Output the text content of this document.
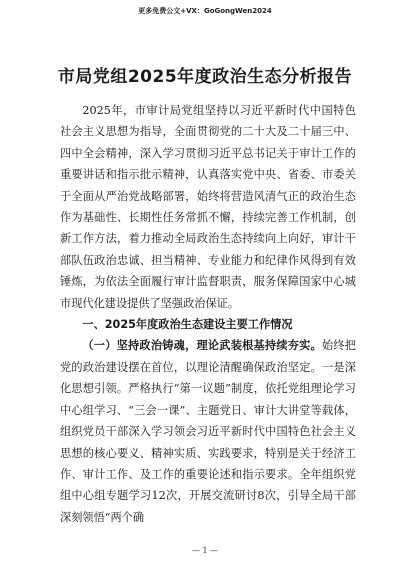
更多免费公文+VX：GoGongWen2024
市局党组2025年度政治生态分析报告

2025年，市审计局党组坚持以习近平新时代中国特色社会主义思想为指导，全面贯彻党的二十大及二十届三中、四中全会精神，深入学习贯彻习近平总书记关于审计工作的重要讲话和指示批示精神，认真落实党中央、省委、市委关于全面从严治党战略部署，始终将营造风清气正的政治生态作为基础性、长期性任务常抓不懈，持续完善工作机制，创新工作方法，着力推动全局政治生态持续向上向好，审计干部队伍政治忠诚、担当精神、专业能力和纪律作风得到有效锤炼，为依法全面履行审计监督职责，服务保障国家中心城市现代化建设提供了坚强政治保证。

一、2025年度政治生态建设主要工作情况

（一）坚持政治铸魂，理论武装根基持续夯实。始终把党的政治建设摆在首位，以理论清醒确保政治坚定。一是深化思想引领。严格执行“第一议题”制度，依托党组理论学习中心组学习、“三会一课”、主题党日、审计大讲堂等载体，组织党员干部深入学习领会习近平新时代中国特色社会主义思想的核心要义、精神实质、实践要求，特别是关于经济工作、审计工作、及工作的重要论述和指示要求。全年组织党组中心组专题学习12次，开展交流研讨8次，引导全局干部深刻领悟“两个确

— 1 —
